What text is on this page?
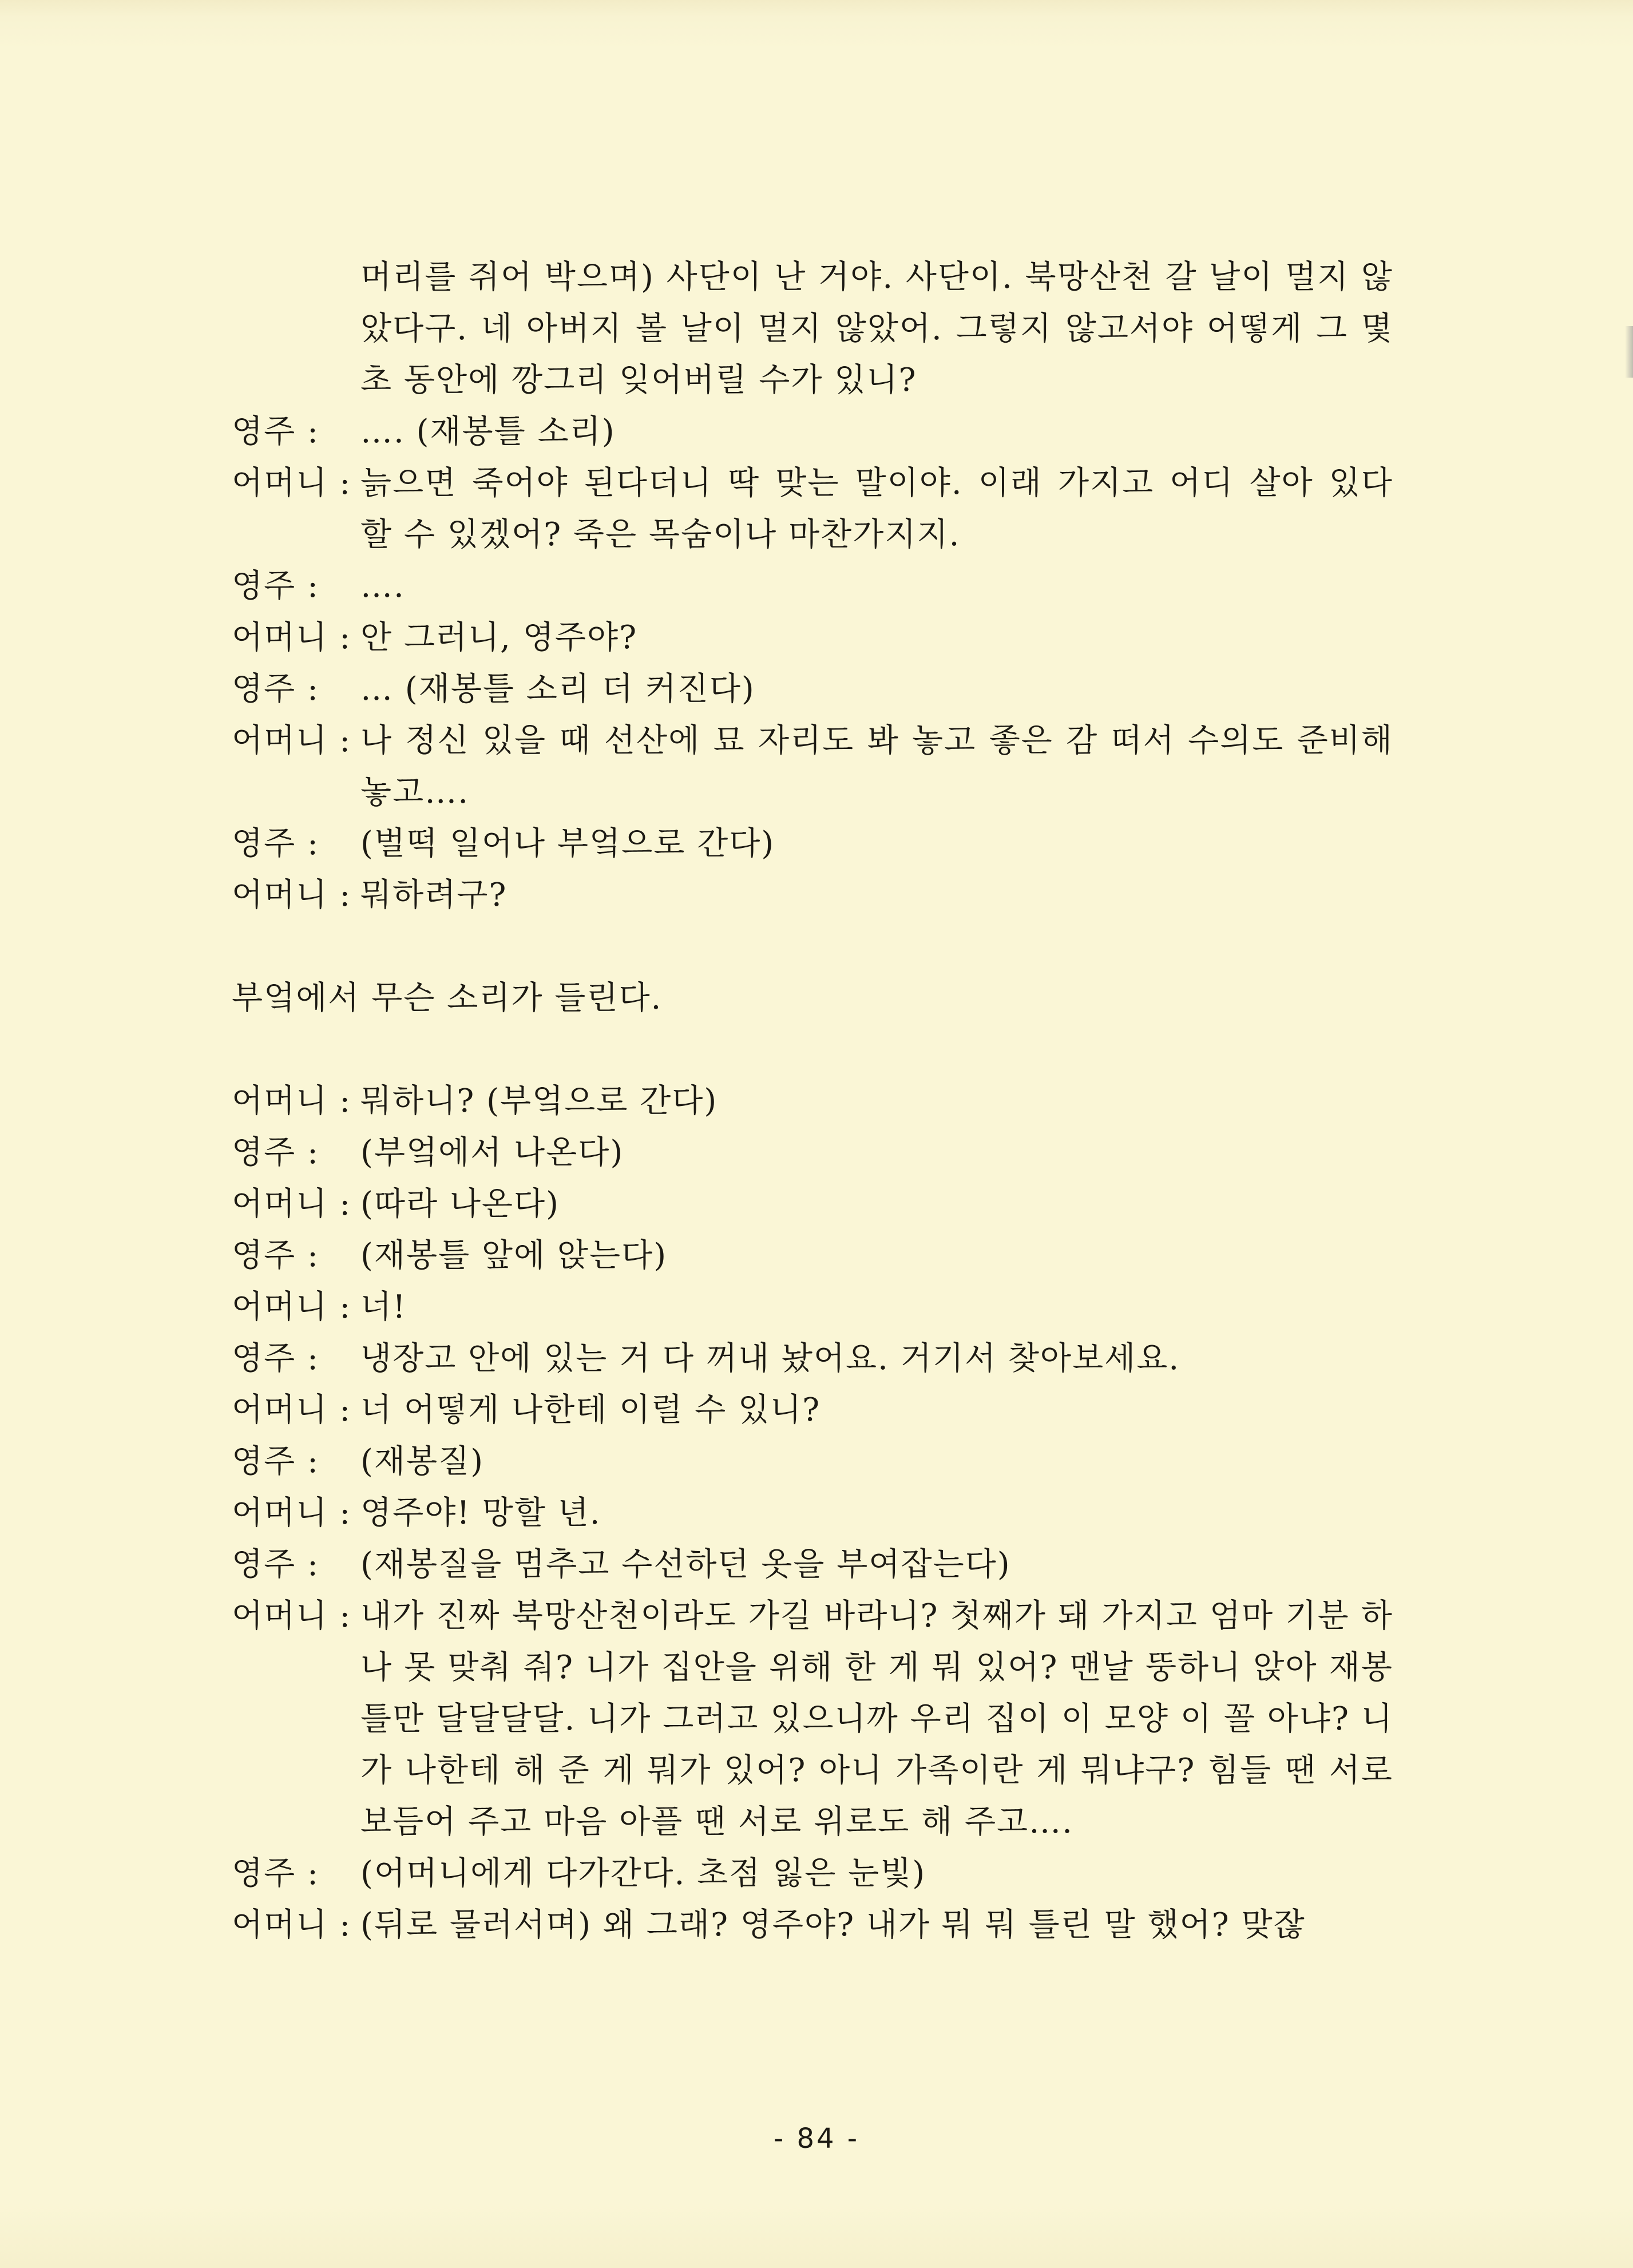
머리를 쥐어 박으며) 사단이 난 거야. 사단이. 북망산천 갈 날이 멀지 않았다구. 네 아버지 볼 날이 멀지 않았어. 그렇지 않고서야 어떻게 그 몇 초 동안에 깡그리 잊어버릴 수가 있니?

영주 :	…. (재봉틀 소리)

어머니 : 늙으면 죽어야 된다더니 딱 맞는 말이야. 이래 가지고 어디 살아 있다 할 수 있겠어? 죽은 목숨이나 마찬가지지.

영주 :	….

어머니 : 안 그러니, 영주야?

영주 :	… (재봉틀 소리 더 커진다)

어머니 : 나 정신 있을 때 선산에 묘 자리도 봐 놓고 좋은 감 떠서 수의도 준비해 놓고….

영주 :	(벌떡 일어나 부엌으로 간다)

어머니 : 뭐하려구?

부엌에서 무슨 소리가 들린다.

어머니 : 뭐하니? (부엌으로 간다)

영주 :	(부엌에서 나온다)

어머니 : (따라 나온다)

영주 :	(재봉틀 앞에 앉는다)

어머니 : 너!

영주 :	냉장고 안에 있는 거 다 꺼내 놨어요. 거기서 찾아보세요.

어머니 : 너 어떻게 나한테 이럴 수 있니?

영주 :	(재봉질)

어머니 : 영주야! 망할 년.

영주 :	(재봉질을 멈추고 수선하던 옷을 부여잡는다)

어머니 : 내가 진짜 북망산천이라도 가길 바라니? 첫째가 돼 가지고 엄마 기분 하나 못 맞춰 줘? 니가 집안을 위해 한 게 뭐 있어? 맨날 뚱하니 앉아 재봉틀만 달달달달. 니가 그러고 있으니까 우리 집이 이 모양 이 꼴 아냐? 니가 나한테 해 준 게 뭐가 있어? 아니 가족이란 게 뭐냐구? 힘들 땐 서로 보듬어 주고 마음 아플 땐 서로 위로도 해 주고….

영주 :	(어머니에게 다가간다. 초점 잃은 눈빛)

어머니 : (뒤로 물러서며) 왜 그래? 영주야? 내가 뭐 뭐 틀린 말 했어? 맞잖

- 84 -
